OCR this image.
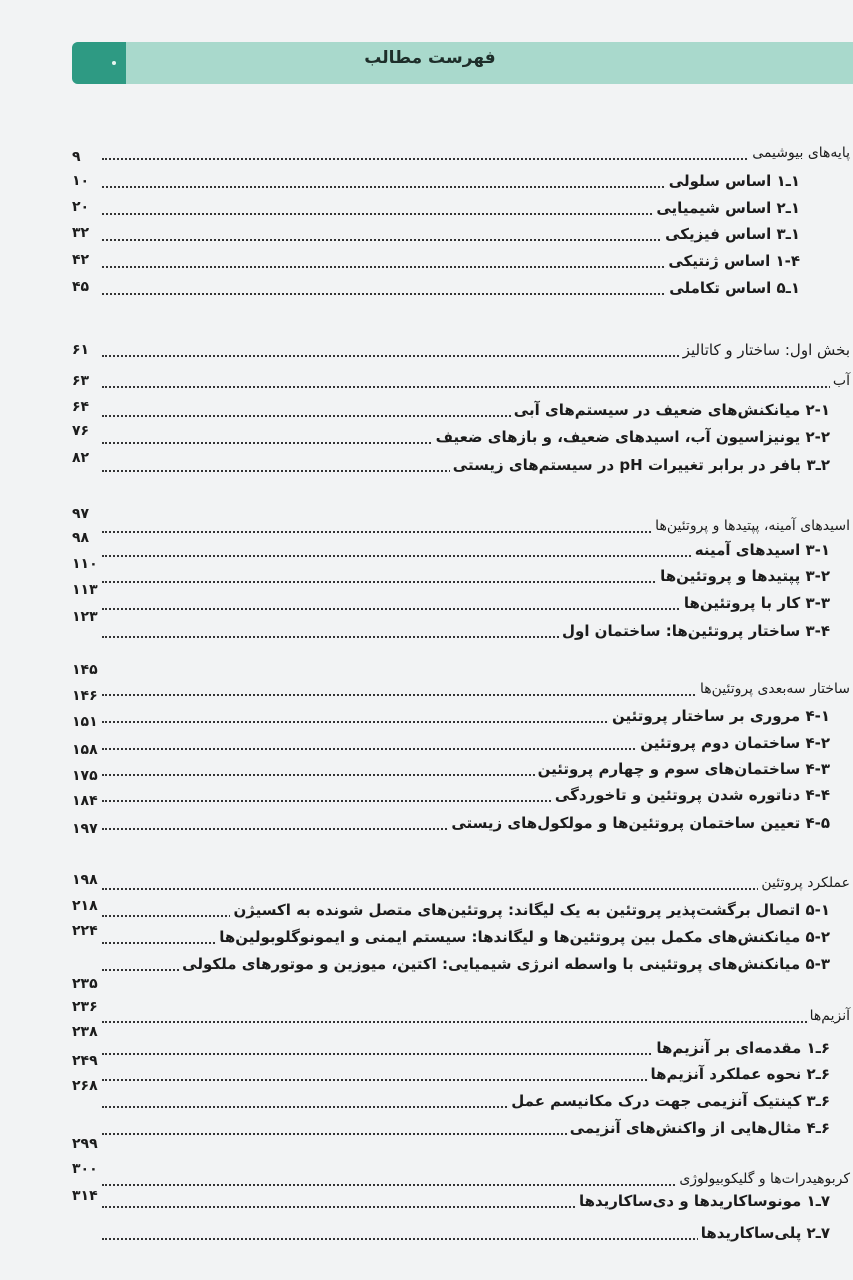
فهرست مطالب
پایه‌های بیوشیمی
۹
۱ـ۱ اساس سلولی
۱۰
۱ـ۲ اساس شیمیایی
۲۰
۱ـ۳ اساس فیزیکی
۳۲
۱-۴ اساس ژنتیکی
۴۲
۱ـ۵ اساس تکاملی
۴۵
بخش اول: ساختار و کاتالیز
۶۱
آب
۶۳
۲-۱ میانکنش‌های ضعیف در سیستم‌های آبی
۶۴
۲-۲ یونیزاسیون آب، اسیدهای ضعیف، و بازهای ضعیف
۷۶
۲ـ۳ بافر در برابر تغییرات pH در سیستم‌های زیستی
۸۲
اسیدهای آمینه، پپتیدها و پروتئین‌ها
۹۷
۳-۱ اسیدهای آمینه
۹۸
۳-۲ پپتیدها و پروتئین‌ها
۱۱۰
۳-۳ کار با پروتئین‌ها
۱۱۳
۳-۴ ساختار پروتئین‌ها: ساختمان اول
۱۲۳
ساختار سه‌بعدی پروتئین‌ها
۱۴۵
۴-۱ مروری بر ساختار پروتئین
۱۴۶
۴-۲ ساختمان دوم پروتئین
۱۵۱
۴-۳ ساختمان‌های سوم و چهارم پروتئین
۱۵۸
۴-۴ دناتوره شدن پروتئین و تاخوردگی
۱۷۵
۴-۵ تعیین ساختمان پروتئین‌ها و مولکول‌های زیستی
۱۸۴
عملکرد پروتئین
۱۹۷
۵-۱ اتصال برگشت‌پذیر پروتئین به یک لیگاند: پروتئین‌های متصل شونده به اکسیژن
۱۹۸
۵-۲ میانکنش‌های مکمل بین پروتئین‌ها و لیگاندها: سیستم ایمنی و ایمونوگلوبولین‌ها
۲۱۸
۵-۳ میانکنش‌های پروتئینی با واسطه انرژی شیمیایی: اکتین، میوزین و موتورهای ملکولی
۲۲۴
آنزیم‌ها
۲۳۵
۶ـ۱ مقدمه‌ای بر آنزیم‌ها
۲۳۶
۶ـ۲ نحوه عملکرد آنزیم‌ها
۲۳۸
۶ـ۳ کینتیک آنزیمی جهت درک مکانیسم عمل
۲۴۹
۶ـ۴ مثال‌هایی از واکنش‌های آنزیمی
۲۶۸
کربوهیدرات‌ها و گلیکوبیولوژی
۲۹۹
۷ـ۱ مونوساکاریدها و دی‌ساکاریدها
۳۰۰
۷ـ۲ پلی‌ساکاریدها
۳۱۴
